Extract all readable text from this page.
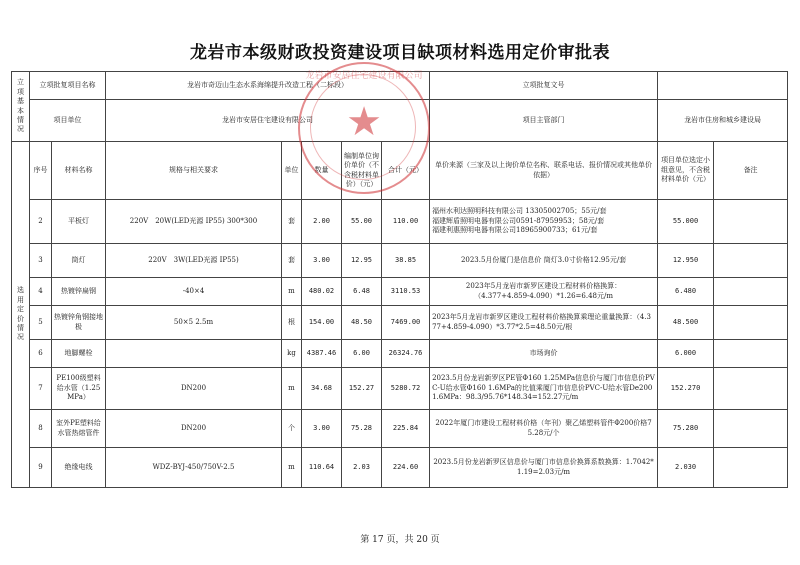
龙岩市本级财政投资建设项目缺项材料选用定价审批表
立项基本情况	立项批复项目名称		龙岩市奇迈山生态水系海绵提升改造工程（二标段）					立项批复文号		
	项目单位		龙岩市安居住宅建设有限公司					项目主管部门	龙岩市住房和城乡建设局	
选用定价情况	序号	材料名称	规格与相关要求	单位	数量	编制单位询价单价（不含税材料单价）（元）	合计（元）	单价来源（三家及以上询价单位名称、联系电话、报价情况或其他单价依据）	项目单位选定小组意见，不含税材料单价（元）	备注
	2	平板灯	220V　20W(LED光源 IP55) 300*300	套	2.00	55.00	110.00	福州水利达照明科技有限公司 13305002705；55元/套
福建辉盾照明电器有限公司0591-87959953；58元/套
福建利惠照明电器有限公司18965900733；61元/套	55.000	
	3	筒灯	220V　3W(LED光源 IP55)	套	3.00	12.95	38.85	2023.5月份厦门是信息价 筒灯3.0寸价格12.95元/套	12.950	
	4	热镀锌扁钢	-40×4	m	480.02	6.48	3110.53	2023年5月龙岩市新罗区建设工程材料价格换算：
（4.377+4.859-4.090）*1.26=6.48元/m	6.480	
	5	热镀锌角钢接地极	50×5 2.5m	根	154.00	48.50	7469.00	2023年5月龙岩市新罗区建设工程材料价格换算乘理论重量换算：（4.377+4.859-4.090）*3.77*2.5=48.50元/根	48.500	
	6	地脚螺栓		kg	4387.46	6.00	26324.76	市场询价	6.000	
	7	PE100级塑料给水管（1.25MPa）	DN200	m	34.68	152.27	5280.72	2023.5月份龙岩新罗区PE管Φ160 1.25MPa信息价与厦门市信息价PVC-U给水管Φ160 1.6MPa的比值乘厦门市信息价PVC-U给水管De200 1.6MPa：98.3/95.76*148.34=152.27元/m	152.270	
	8	室外PE塑料给水管热熔管件	DN200	个	3.00	75.28	225.84	2022年厦门市建设工程材料价格（年刊）聚乙烯塑料管件Φ200价格75.28元/个	75.280	
	9	绝缘电线	WDZ-BYJ-450/750V-2.5	m	110.64	2.03	224.60	2023.5月份龙岩新罗区信息价与厦门市信息价换算系数换算：1.7042*1.19=2.03元/m	2.030	
龙岩市安居住宅建设有限公司
★
第 17 页，共 20 页
